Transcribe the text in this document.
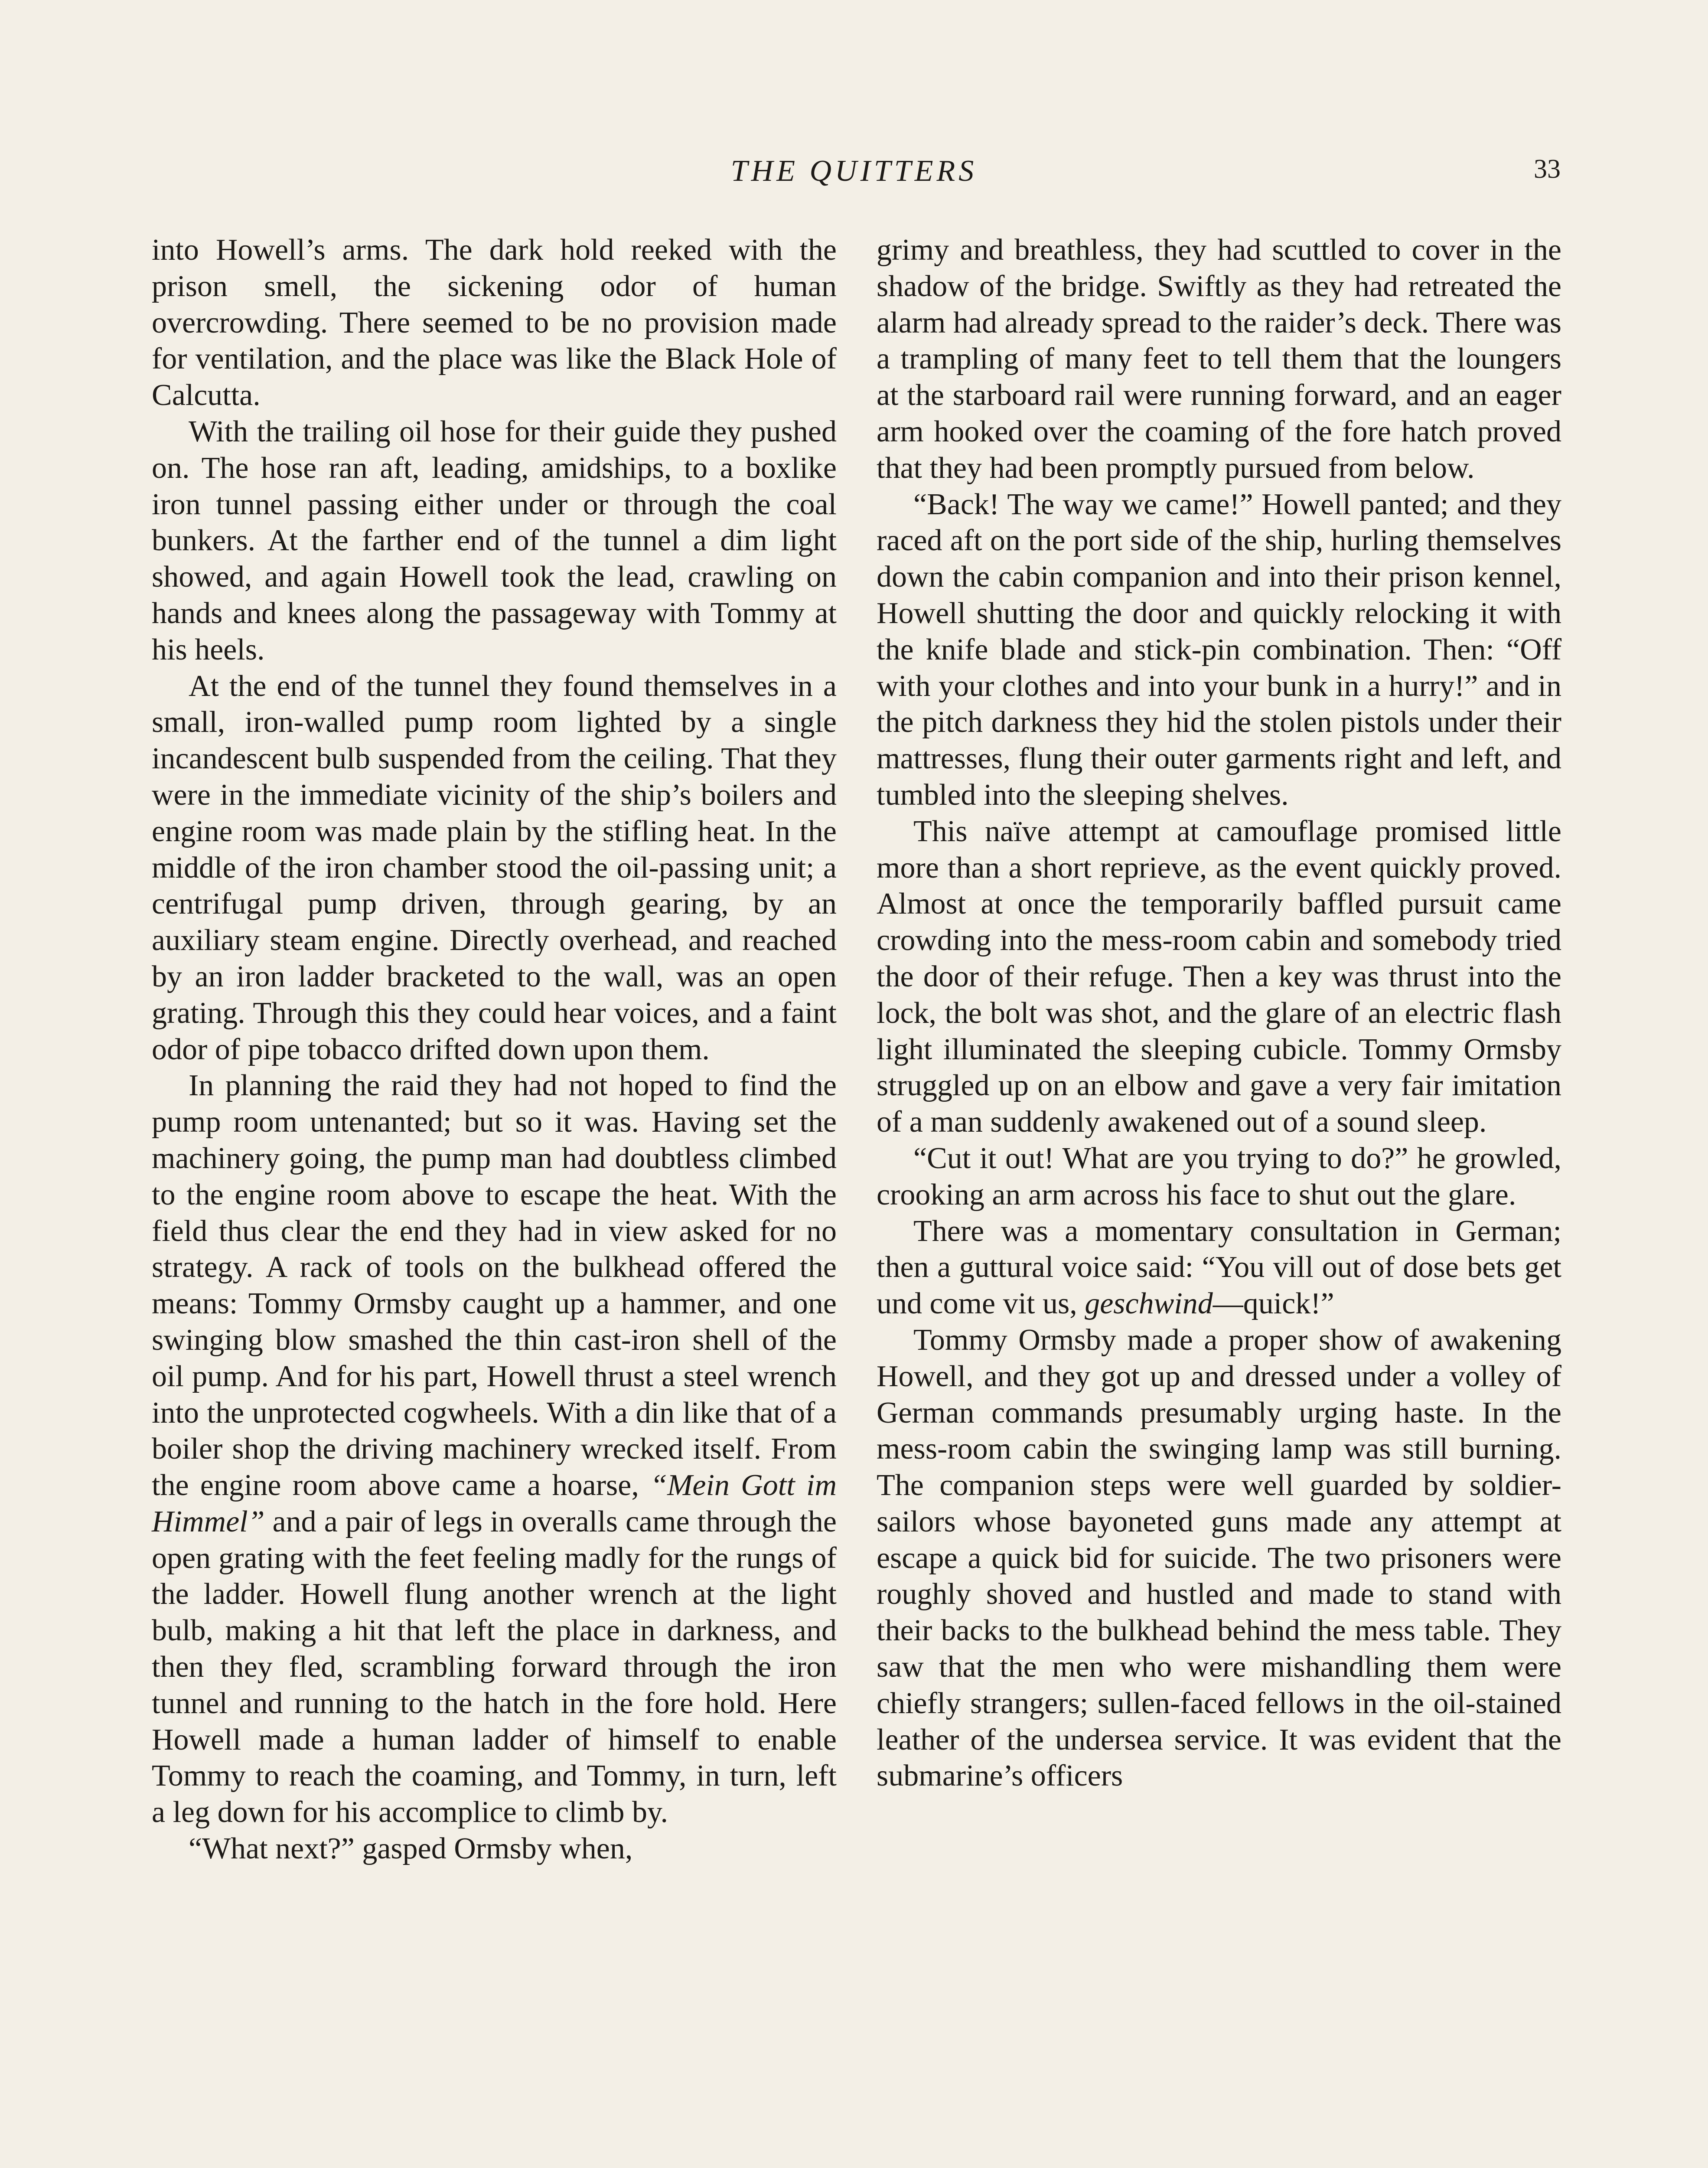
THE QUITTERS	33

into Howell’s arms. The dark hold reeked with the prison smell, the sickening odor of human overcrowding. There seemed to be no provision made for ventilation, and the place was like the Black Hole of Calcutta.

With the trailing oil hose for their guide they pushed on. The hose ran aft, leading, amidships, to a boxlike iron tunnel passing either under or through the coal bunkers. At the farther end of the tunnel a dim light showed, and again Howell took the lead, crawling on hands and knees along the passageway with Tommy at his heels.

At the end of the tunnel they found themselves in a small, iron-walled pump room lighted by a single incandescent bulb suspended from the ceiling. That they were in the immediate vicinity of the ship’s boilers and engine room was made plain by the stifling heat. In the middle of the iron chamber stood the oil-passing unit; a centrifugal pump driven, through gearing, by an auxiliary steam engine. Directly overhead, and reached by an iron ladder bracketed to the wall, was an open grating. Through this they could hear voices, and a faint odor of pipe tobacco drifted down upon them.

In planning the raid they had not hoped to find the pump room untenanted; but so it was. Having set the machinery going, the pump man had doubtless climbed to the engine room above to escape the heat. With the field thus clear the end they had in view asked for no strategy. A rack of tools on the bulkhead offered the means: Tommy Ormsby caught up a hammer, and one swinging blow smashed the thin cast-iron shell of the oil pump. And for his part, Howell thrust a steel wrench into the unprotected cogwheels. With a din like that of a boiler shop the driving machinery wrecked itself. From the engine room above came a hoarse, “Mein Gott im Himmel” and a pair of legs in overalls came through the open grating with the feet feeling madly for the rungs of the ladder. Howell flung another wrench at the light bulb, making a hit that left the place in darkness, and then they fled, scrambling forward through the iron tunnel and running to the hatch in the fore hold. Here Howell made a human ladder of himself to enable Tommy to reach the coaming, and Tommy, in turn, left a leg down for his accomplice to climb by.

“What next?” gasped Ormsby when,

grimy and breathless, they had scuttled to cover in the shadow of the bridge. Swiftly as they had retreated the alarm had already spread to the raider’s deck. There was a trampling of many feet to tell them that the loungers at the starboard rail were running forward, and an eager arm hooked over the coaming of the fore hatch proved that they had been promptly pursued from below.

“Back! The way we came!” Howell panted; and they raced aft on the port side of the ship, hurling themselves down the cabin companion and into their prison kennel, Howell shutting the door and quickly relocking it with the knife blade and stick-pin combination. Then: “Off with your clothes and into your bunk in a hurry!” and in the pitch darkness they hid the stolen pistols under their mattresses, flung their outer garments right and left, and tumbled into the sleeping shelves.

This naïve attempt at camouflage promised little more than a short reprieve, as the event quickly proved. Almost at once the temporarily baffled pursuit came crowding into the mess-room cabin and somebody tried the door of their refuge. Then a key was thrust into the lock, the bolt was shot, and the glare of an electric flash light illuminated the sleeping cubicle. Tommy Ormsby struggled up on an elbow and gave a very fair imitation of a man suddenly awakened out of a sound sleep.

“Cut it out! What are you trying to do?” he growled, crooking an arm across his face to shut out the glare.

There was a momentary consultation in German; then a guttural voice said: “You vill out of dose bets get und come vit us, geschwind—quick!”

Tommy Ormsby made a proper show of awakening Howell, and they got up and dressed under a volley of German commands presumably urging haste. In the mess-room cabin the swinging lamp was still burning. The companion steps were well guarded by soldier-sailors whose bayoneted guns made any attempt at escape a quick bid for suicide. The two prisoners were roughly shoved and hustled and made to stand with their backs to the bulkhead behind the mess table. They saw that the men who were mishandling them were chiefly strangers; sullen-faced fellows in the oil-stained leather of the undersea service. It was evident that the submarine’s officers
